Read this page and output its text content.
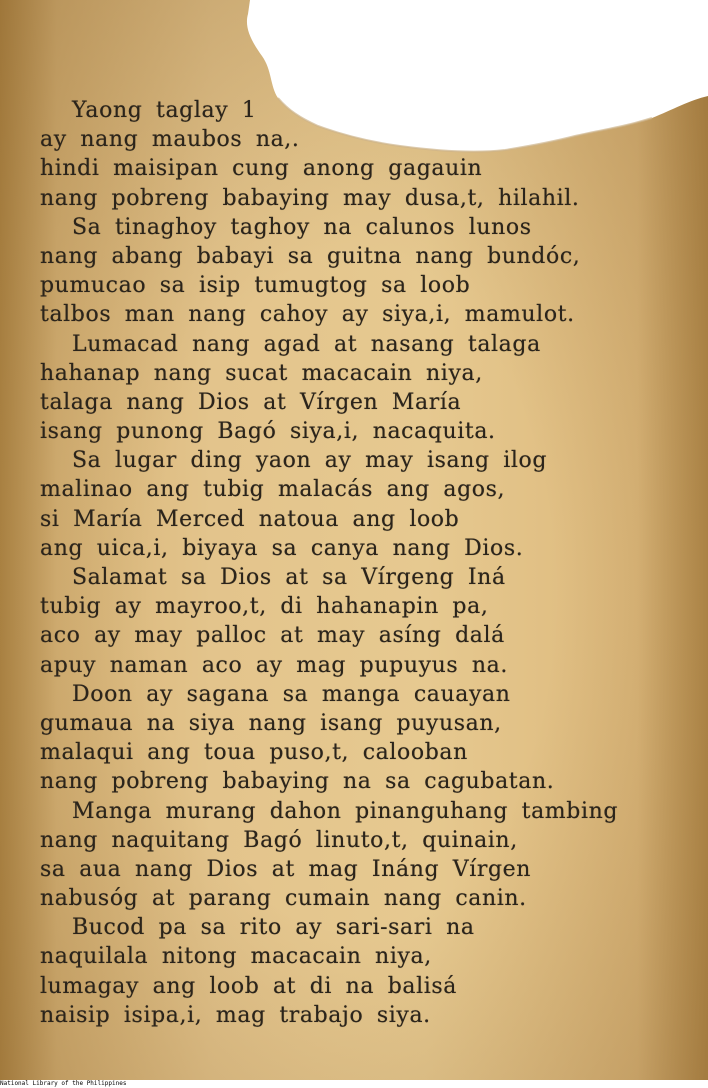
Yaong taglay 1
ay nang maubos na,.
hindi maisipan cung anong gagauin
nang pobreng babaying may dusa,t, hilahil.
Sa tinaghoy taghoy na calunos lunos
nang abang babayi sa guitna nang bundóc,
pumucao sa isip tumugtog sa loob
talbos man nang cahoy ay siya,i, mamulot.
Lumacad nang agad at nasang talaga
hahanap nang sucat macacain niya,
talaga nang Dios at Vírgen María
isang punong Bagó siya,i, nacaquita.
Sa lugar ding yaon ay may isang ilog
malinao ang tubig malacás ang agos,
si María Merced natoua ang loob
ang uica,i, biyaya sa canya nang Dios.
Salamat sa Dios at sa Vírgeng Iná
tubig ay mayroo,t, di hahanapin pa,
aco ay may palloc at may asíng dalá
apuy naman aco ay mag pupuyus na.
Doon ay sagana sa manga cauayan
gumaua na siya nang isang puyusan,
malaqui ang toua puso,t, calooban
nang pobreng babaying na sa cagubatan.
Manga murang dahon pinanguhang tambing
nang naquitang Bagó linuto,t, quinain,
sa aua nang Dios at mag Ináng Vírgen
nabusóg at parang cumain nang canin.
Bucod pa sa rito ay sari-sari na
naquilala nitong macacain niya,
lumagay ang loob at di na balisá
naisip isipa,i, mag trabajo siya.
National Library of the Philippines
